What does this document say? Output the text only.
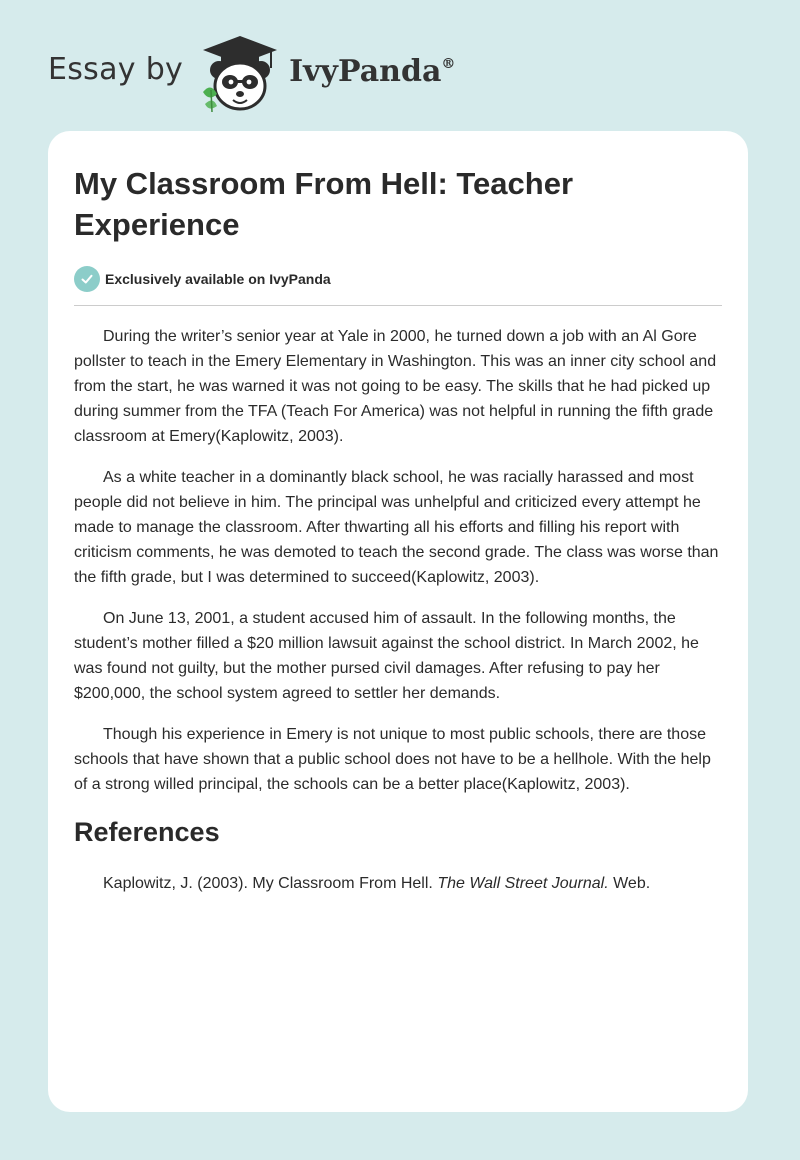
Essay by	IvyPanda®
My Classroom From Hell: Teacher Experience
Exclusively available on IvyPanda

During the writer’s senior year at Yale in 2000, he turned down a job with an Al Gore pollster to teach in the Emery Elementary in Washington. This was an inner city school and from the start, he was warned it was not going to be easy. The skills that he had picked up during summer from the TFA (Teach For America) was not helpful in running the fifth grade classroom at Emery(Kaplowitz, 2003).

As a white teacher in a dominantly black school, he was racially harassed and most people did not believe in him. The principal was unhelpful and criticized every attempt he made to manage the classroom. After thwarting all his efforts and filling his report with criticism comments, he was demoted to teach the second grade. The class was worse than the fifth grade, but I was determined to succeed(Kaplowitz, 2003).

On June 13, 2001, a student accused him of assault. In the following months, the student’s mother filled a $20 million lawsuit against the school district. In March 2002, he was found not guilty, but the mother pursed civil damages. After refusing to pay her $200,000, the school system agreed to settler her demands.

Though his experience in Emery is not unique to most public schools, there are those schools that have shown that a public school does not have to be a hellhole. With the help of a strong willed principal, the schools can be a better place(Kaplowitz, 2003).

References

Kaplowitz, J. (2003). My Classroom From Hell. The Wall Street Journal. Web.
